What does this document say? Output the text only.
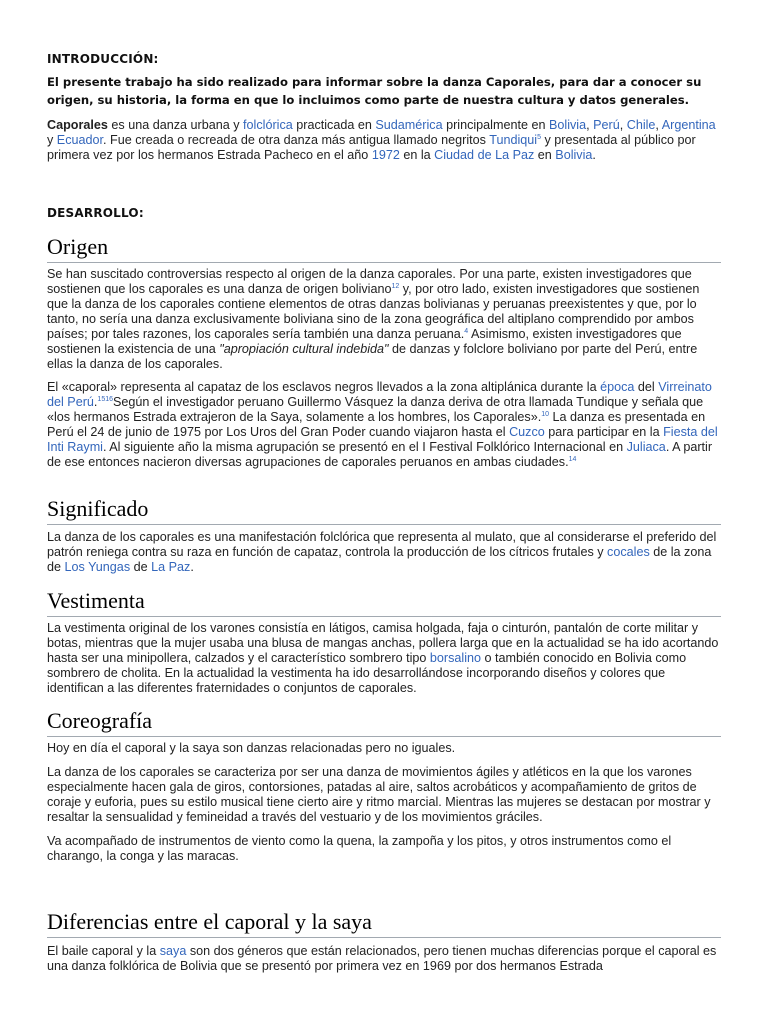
INTRODUCCIÓN:

El presente trabajo ha sido realizado para informar sobre la danza Caporales, para dar a conocer su origen, su historia, la forma en que lo incluimos como parte de nuestra cultura y datos generales.

Caporales es una danza urbana y folclórica practicada en Sudamérica principalmente en Bolivia, Perú, Chile, Argentina y Ecuador. Fue creada o recreada de otra danza más antigua llamado negritos Tundiqui$^5$ y presentada al público por primera vez por los hermanos Estrada Pacheco en el año 1972 en la Ciudad de La Paz en Bolivia.

DESARROLLO:

Origen

Se han suscitado controversias respecto al origen de la danza caporales. Por una parte, existen investigadores que sostienen que los caporales es una danza de origen boliviano$^{12}$ y, por otro lado, existen investigadores que sostienen que la danza de los caporales contiene elementos de otras danzas bolivianas y peruanas preexistentes y que, por lo tanto, no sería una danza exclusivamente boliviana sino de la zona geográfica del altiplano comprendido por ambos países; por tales razones, los caporales sería también una danza peruana.$^4$ Asimismo, existen investigadores que sostienen la existencia de una "apropiación cultural indebida" de danzas y folclore boliviano por parte del Perú, entre ellas la danza de los caporales.

El «caporal» representa al capataz de los esclavos negros llevados a la zona altiplánica durante la época del Virreinato del Perú.$^{1516}$Según el investigador peruano Guillermo Vásquez la danza deriva de otra llamada Tundique y señala que «los hermanos Estrada extrajeron de la Saya, solamente a los hombres, los Caporales».$^{10}$ La danza es presentada en Perú el 24 de junio de 1975 por Los Uros del Gran Poder cuando viajaron hasta el Cuzco para participar en la Fiesta del Inti Raymi. Al siguiente año la misma agrupación se presentó en el I Festival Folklórico Internacional en Juliaca. A partir de ese entonces nacieron diversas agrupaciones de caporales peruanos en ambas ciudades.$^{14}$

Significado

La danza de los caporales es una manifestación folclórica que representa al mulato, que al considerarse el preferido del patrón reniega contra su raza en función de capataz, controla la producción de los cítricos frutales y cocales de la zona de Los Yungas de La Paz.

Vestimenta

La vestimenta original de los varones consistía en látigos, camisa holgada, faja o cinturón, pantalón de corte militar y botas, mientras que la mujer usaba una blusa de mangas anchas, pollera larga que en la actualidad se ha ido acortando hasta ser una minipollera, calzados y el característico sombrero tipo borsalino o también conocido en Bolivia como sombrero de cholita. En la actualidad la vestimenta ha ido desarrollándose incorporando diseños y colores que identifican a las diferentes fraternidades o conjuntos de caporales.

Coreografía

Hoy en día el caporal y la saya son danzas relacionadas pero no iguales.

La danza de los caporales se caracteriza por ser una danza de movimientos ágiles y atléticos en la que los varones especialmente hacen gala de giros, contorsiones, patadas al aire, saltos acrobáticos y acompañamiento de gritos de coraje y euforia, pues su estilo musical tiene cierto aire y ritmo marcial. Mientras las mujeres se destacan por mostrar y resaltar la sensualidad y femineidad a través del vestuario y de los movimientos gráciles.

Va acompañado de instrumentos de viento como la quena, la zampoña y los pitos, y otros instrumentos como el charango, la conga y las maracas.

Diferencias entre el caporal y la saya

El baile caporal y la saya son dos géneros que están relacionados, pero tienen muchas diferencias porque el caporal es una danza folklórica de Bolivia que se presentó por primera vez en 1969 por dos hermanos Estrada
